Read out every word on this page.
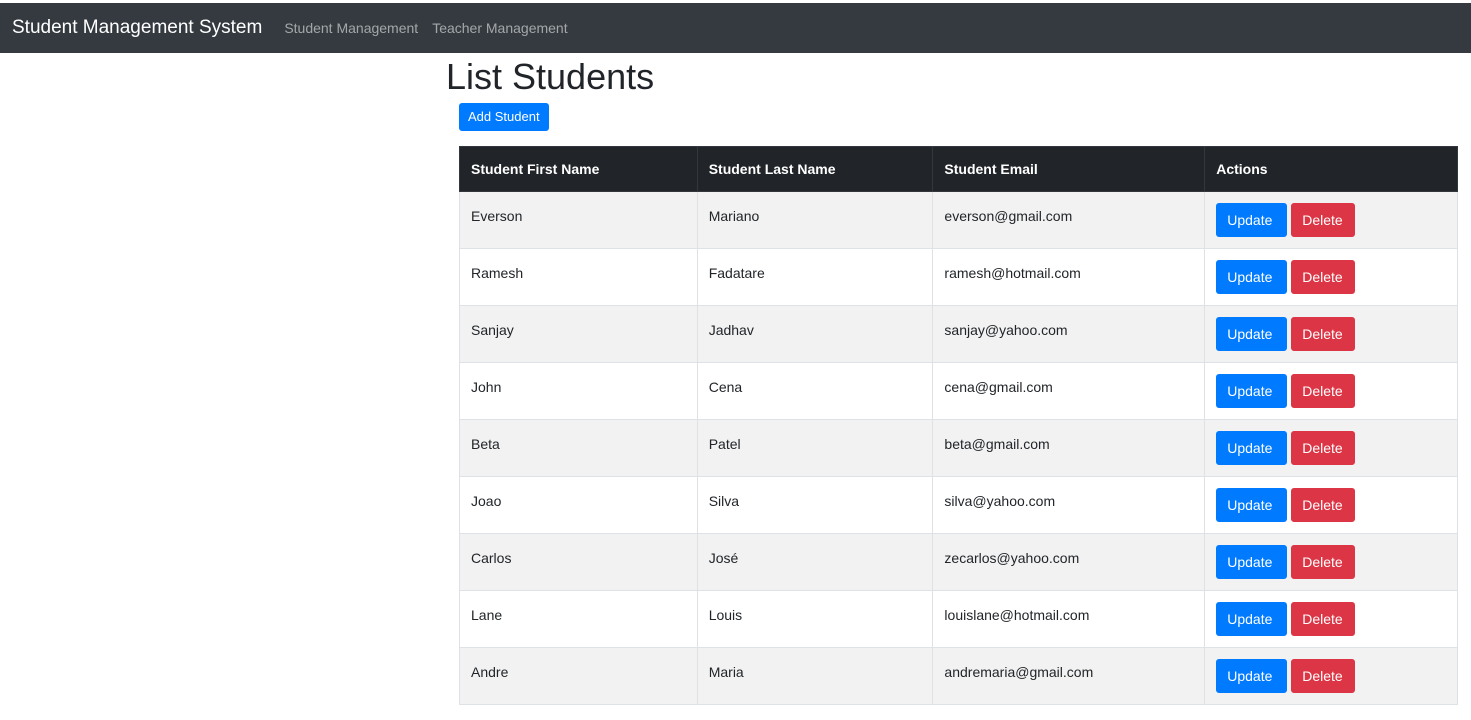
Student Management System Student Management Teacher Management
List Students
Add Student
Student First Name	Student Last Name	Student Email	Actions
Everson	Mariano	everson@gmail.com	Update Delete
Ramesh	Fadatare	ramesh@hotmail.com	Update Delete
Sanjay	Jadhav	sanjay@yahoo.com	Update Delete
John	Cena	cena@gmail.com	Update Delete
Beta	Patel	beta@gmail.com	Update Delete
Joao	Silva	silva@yahoo.com	Update Delete
Carlos	José	zecarlos@yahoo.com	Update Delete
Lane	Louis	louislane@hotmail.com	Update Delete
Andre	Maria	andremaria@gmail.com	Update Delete
